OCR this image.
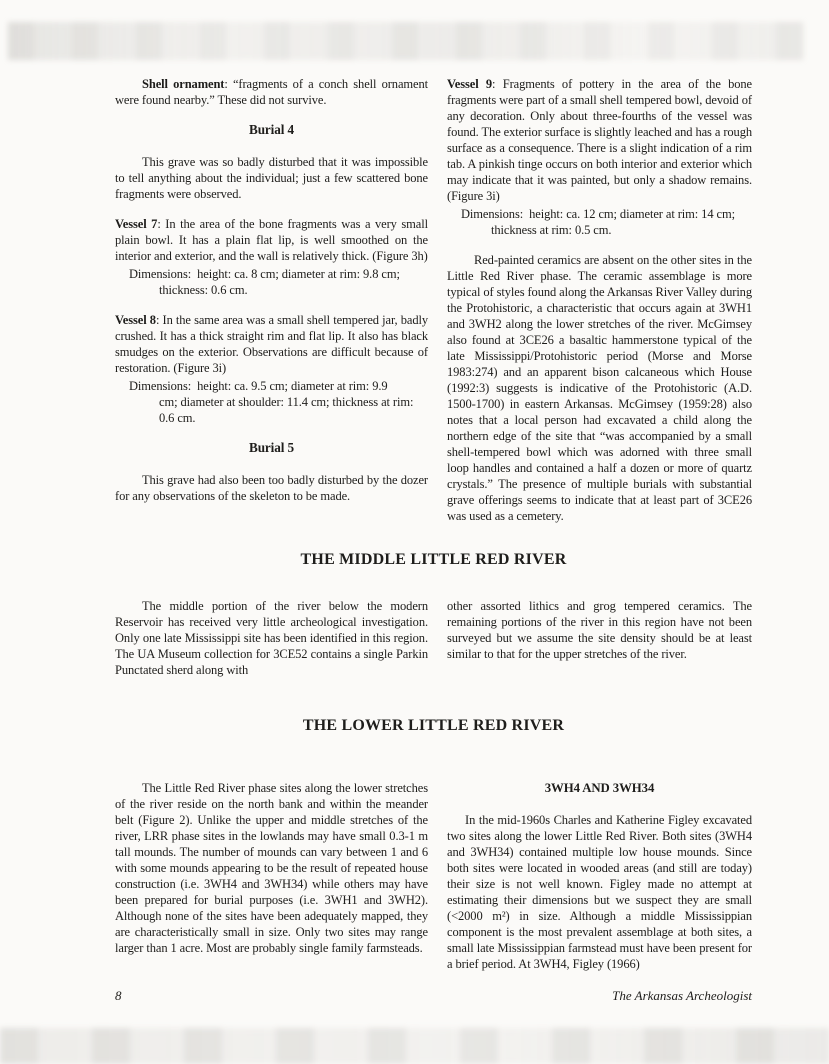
Shell ornament: “fragments of a conch shell ornament were found nearby.” These did not survive.

Burial 4

This grave was so badly disturbed that it was impossible to tell anything about the individual; just a few scattered bone fragments were observed.

Vessel 7: In the area of the bone fragments was a very small plain bowl. It has a plain flat lip, is well smoothed on the interior and exterior, and the wall is relatively thick. (Figure 3h)

Dimensions:  height: ca. 8 cm; diameter at rim: 9.8 cm;
thickness: 0.6 cm.

Vessel 8: In the same area was a small shell tempered jar, badly crushed. It has a thick straight rim and flat lip. It also has black smudges on the exterior. Observations are difficult because of restoration. (Figure 3i)

Dimensions:  height: ca. 9.5 cm; diameter at rim: 9.9
cm; diameter at shoulder: 11.4 cm; thickness at rim:
0.6 cm.
Burial 5

This grave had also been too badly disturbed by the dozer for any observations of the skeleton to be made.

Vessel 9: Fragments of pottery in the area of the bone fragments were part of a small shell tempered bowl, devoid of any decoration. Only about three-fourths of the vessel was found. The exterior surface is slightly leached and has a rough surface as a consequence. There is a slight indication of a rim tab. A pinkish tinge occurs on both interior and exterior which may indicate that it was painted, but only a shadow remains. (Figure 3i)

Dimensions:  height: ca. 12 cm; diameter at rim: 14 cm;
thickness at rim: 0.5 cm.

Red-painted ceramics are absent on the other sites in the Little Red River phase. The ceramic assemblage is more typical of styles found along the Arkansas River Valley during the Protohistoric, a characteristic that occurs again at 3WH1 and 3WH2 along the lower stretches of the river. McGimsey also found at 3CE26 a basaltic hammerstone typical of the late Mississippi/Protohistoric period (Morse and Morse 1983:274) and an apparent bison calcaneous which House (1992:3) suggests is indicative of the Protohistoric (A.D. 1500-1700) in eastern Arkansas. McGimsey (1959:28) also notes that a local person had excavated a child along the northern edge of the site that “was accompanied by a small shell-tempered bowl which was adorned with three small loop handles and contained a half a dozen or more of quartz crystals.” The presence of multiple burials with substantial grave offerings seems to indicate that at least part of 3CE26 was used as a cemetery.

THE MIDDLE LITTLE RED RIVER

The middle portion of the river below the modern Reservoir has received very little archeological investigation. Only one late Mississippi site has been identified in this region. The UA Museum collection for 3CE52 contains a single Parkin Punctated sherd along with

other assorted lithics and grog tempered ceramics. The remaining portions of the river in this region have not been surveyed but we assume the site density should be at least similar to that for the upper stretches of the river.

THE LOWER LITTLE RED RIVER

The Little Red River phase sites along the lower stretches of the river reside on the north bank and within the meander belt (Figure 2). Unlike the upper and middle stretches of the river, LRR phase sites in the lowlands may have small 0.3-1 m tall mounds. The number of mounds can vary between 1 and 6 with some mounds appearing to be the result of repeated house construction (i.e. 3WH4 and 3WH34) while others may have been prepared for burial purposes (i.e. 3WH1 and 3WH2). Although none of the sites have been adequately mapped, they are characteristically small in size. Only two sites may range larger than 1 acre. Most are probably single family farmsteads.

3WH4 AND 3WH34

In the mid-1960s Charles and Katherine Figley excavated two sites along the lower Little Red River. Both sites (3WH4 and 3WH34) contained multiple low house mounds. Since both sites were located in wooded areas (and still are today) their size is not well known. Figley made no attempt at estimating their dimensions but we suspect they are small (<2000 m²) in size. Although a middle Mississippian component is the most prevalent assemblage at both sites, a small late Mississippian farmstead must have been present for a brief period. At 3WH4, Figley (1966)

8	The Arkansas Archeologist
